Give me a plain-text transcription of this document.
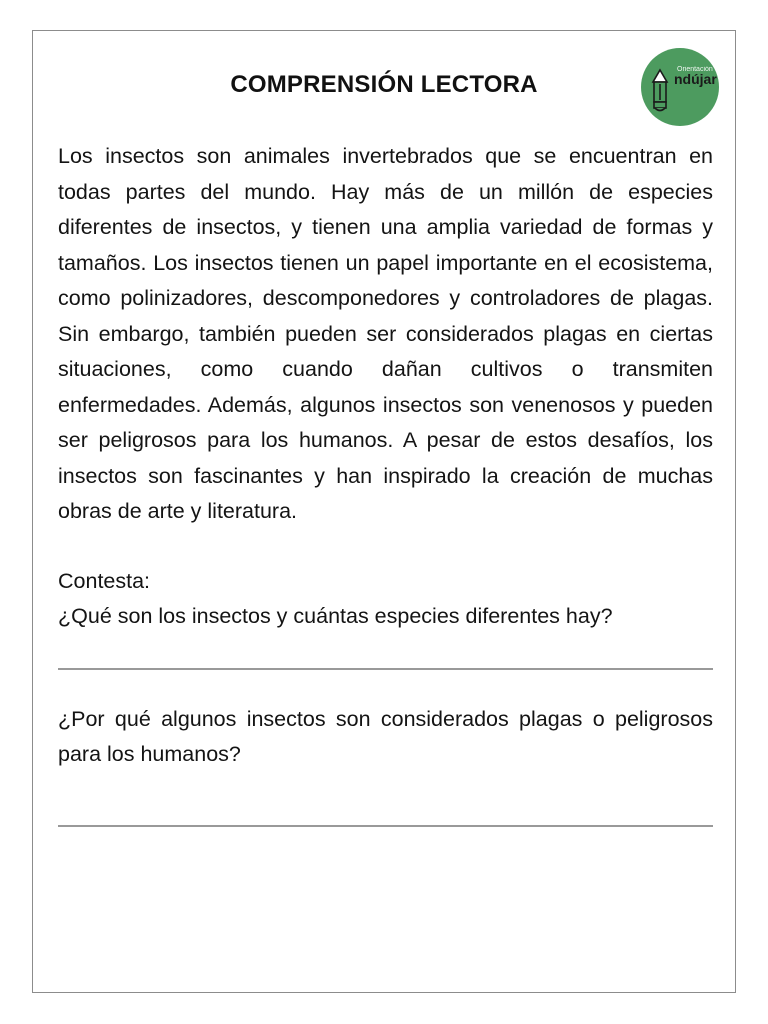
COMPRENSIÓN LECTORA
Orientación
ndújar

Los insectos son animales invertebrados que se encuentran en todas partes del mundo. Hay más de un millón de especies diferentes de insectos, y tienen una amplia variedad de formas y tamaños. Los insectos tienen un papel importante en el ecosistema, como polinizadores, descomponedores y controladores de plagas. Sin embargo, también pueden ser considerados plagas en ciertas situaciones, como cuando dañan cultivos o transmiten enfermedades. Además, algunos insectos son venenosos y pueden ser peligrosos para los humanos. A pesar de estos desafíos, los insectos son fascinantes y han inspirado la creación de muchas obras de arte y literatura.

Contesta:

¿Qué son los insectos y cuántas especies diferentes hay?

¿Por qué algunos insectos son considerados plagas o peligrosos para los humanos?
